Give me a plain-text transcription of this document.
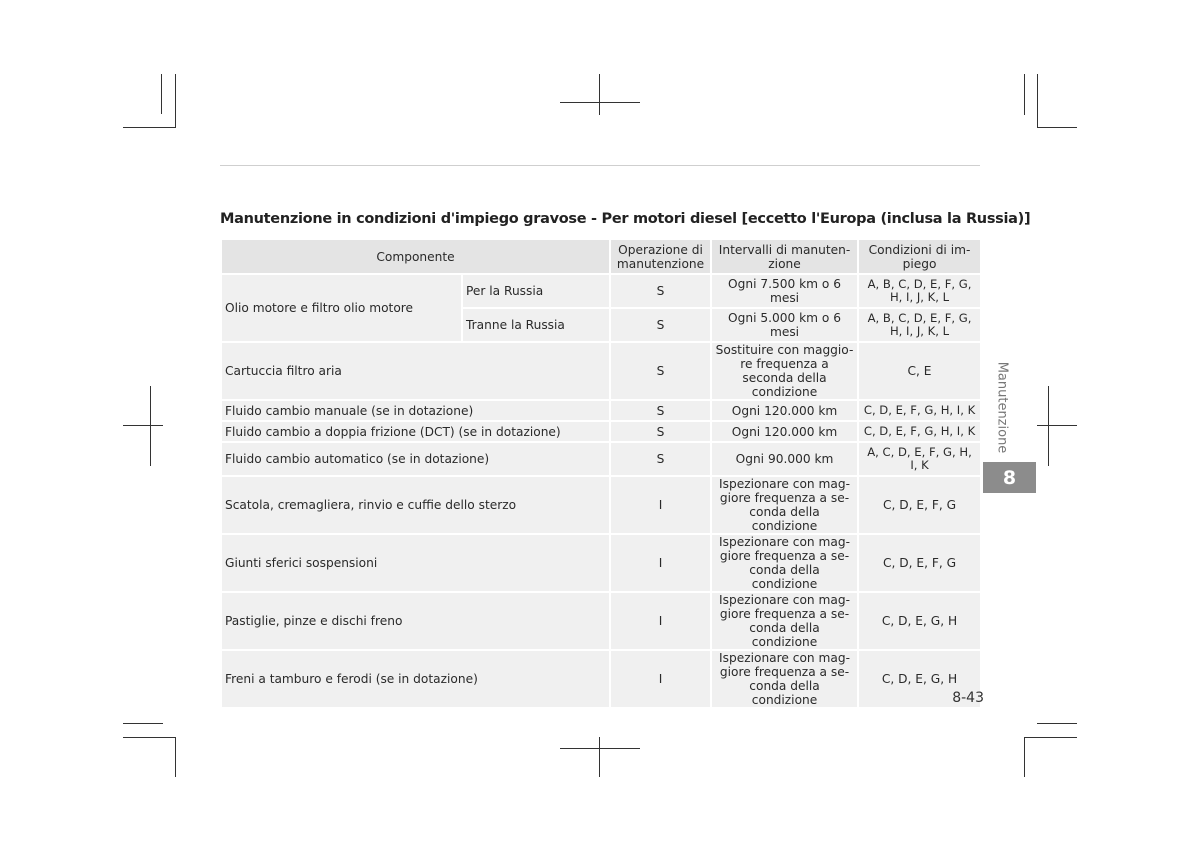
Manutenzione in condizioni d'impiego gravose - Per motori diesel [eccetto l'Europa (inclusa la Russia)]
Componente		Operazione di manutenzione	Intervalli di manuten-zione	Condizioni di im-piego
Olio motore e filtro olio motore	Per la Russia	S	Ogni 7.500 km o 6 mesi	A, B, C, D, E, F, G, H, I, J, K, L
	Tranne la Russia	S	Ogni 5.000 km o 6 mesi	A, B, C, D, E, F, G, H, I, J, K, L
Cartuccia filtro aria		S	Sostituire con maggio-re frequenza a seconda della condizione	C, E
Fluido cambio manuale (se in dotazione)		S	Ogni 120.000 km	C, D, E, F, G, H, I, K
Fluido cambio a doppia frizione (DCT) (se in dotazione)		S	Ogni 120.000 km	C, D, E, F, G, H, I, K
Fluido cambio automatico (se in dotazione)		S	Ogni 90.000 km	A, C, D, E, F, G, H, I, K
Scatola, cremagliera, rinvio e cuffie dello sterzo		I	Ispezionare con mag-giore frequenza a se-conda della condizione	C, D, E, F, G
Giunti sferici sospensioni		I	Ispezionare con mag-giore frequenza a se-conda della condizione	C, D, E, F, G
Pastiglie, pinze e dischi freno		I	Ispezionare con mag-giore frequenza a se-conda della condizione	C, D, E, G, H
Freni a tamburo e ferodi (se in dotazione)		I	Ispezionare con mag-giore frequenza a se-conda della condizione	C, D, E, G, H
Manutenzione
8
8-43
